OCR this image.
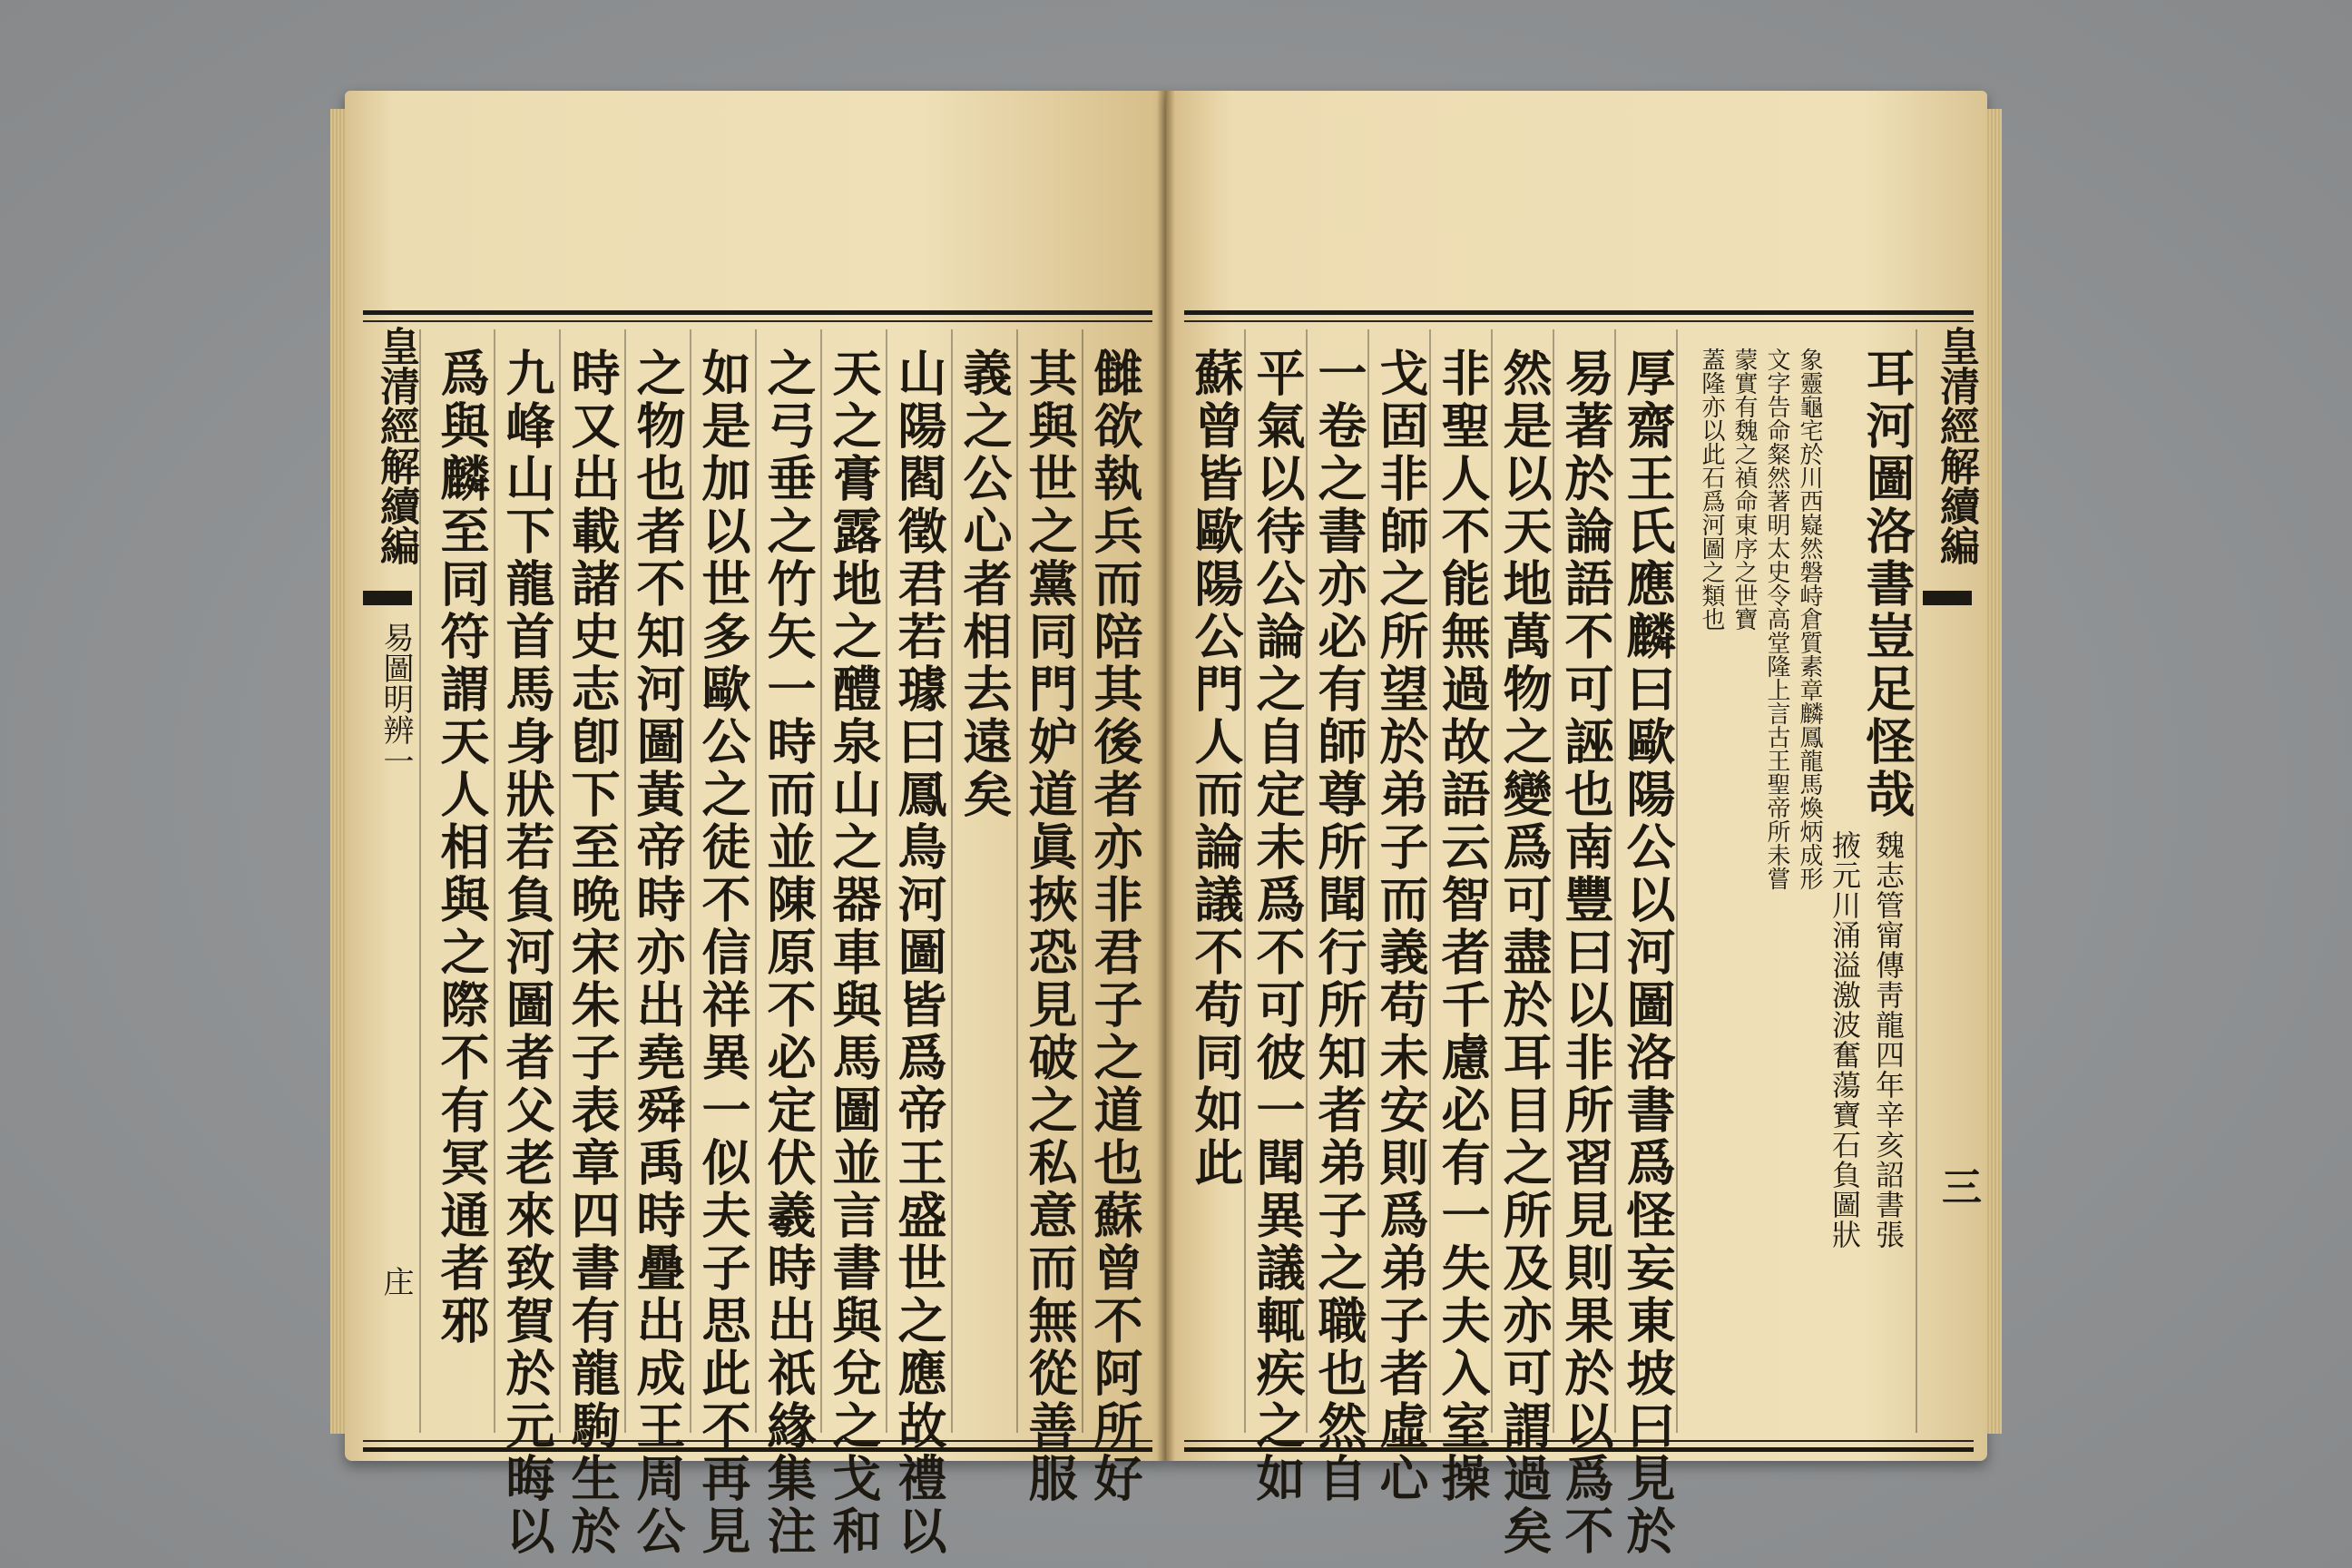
皇清經解續編
易圖明辨一
庄	雠欲執兵而陪其後者亦非君子之道也蘇曾不阿所好
其與世之黨同門妒道眞挾恐見破之私意而無從善服
義之公心者相去遠矣
山陽閻徵君若璩曰鳳鳥河圖皆爲帝王盛世之應故禮以
天之膏露地之醴泉山之器車與馬圖並言書與兌之戈和
之弓垂之竹矢一時而並陳原不必定伏羲時出祇緣集注
如是加以世多歐公之徒不信祥異一似夫子思此不再見
之物也者不知河圖黃帝時亦出堯舜禹時疊出成王周公
時又出載諸史志卽下至晩宋朱子表章四書有龍駒生於
九峰山下龍首馬身狀若負河圖者父老來致賀於元晦以
爲與麟至同符謂天人相與之際不有冥通者邪	皇清經解續編
三
蘇曾皆歐陽公門人而論議不苟同如此 平氣以待公論之自定未爲不可彼一聞異議輒疾之如 一卷之書亦必有師尊所聞行所知者弟子之職也然自 戈固非師之所望於弟子而義苟未安則爲弟子者虛心 非聖人不能無過故語云智者千慮必有一失夫入室操 然是以天地萬物之變爲可盡於耳目之所及亦可謂過矣 易著於論語不可誣也南豐曰以非所習見則果於以爲不 厚齋王氏應麟曰歐陽公以河圖洛書爲怪妄東坡曰見於	耳河圖洛書豈足怪哉
魏志管甯傳靑龍四年辛亥詔書張
掖元川涌溢激波奮蕩寶石負圖狀
象靈龜宅於川西嶷然磐峙倉質素章麟鳳龍馬煥炳成形
文字告命粲然著明太史令高堂隆上言古王聖帝所未嘗
蒙實有魏之禎命東序之世寶
蓋隆亦以此石爲河圖之類也
